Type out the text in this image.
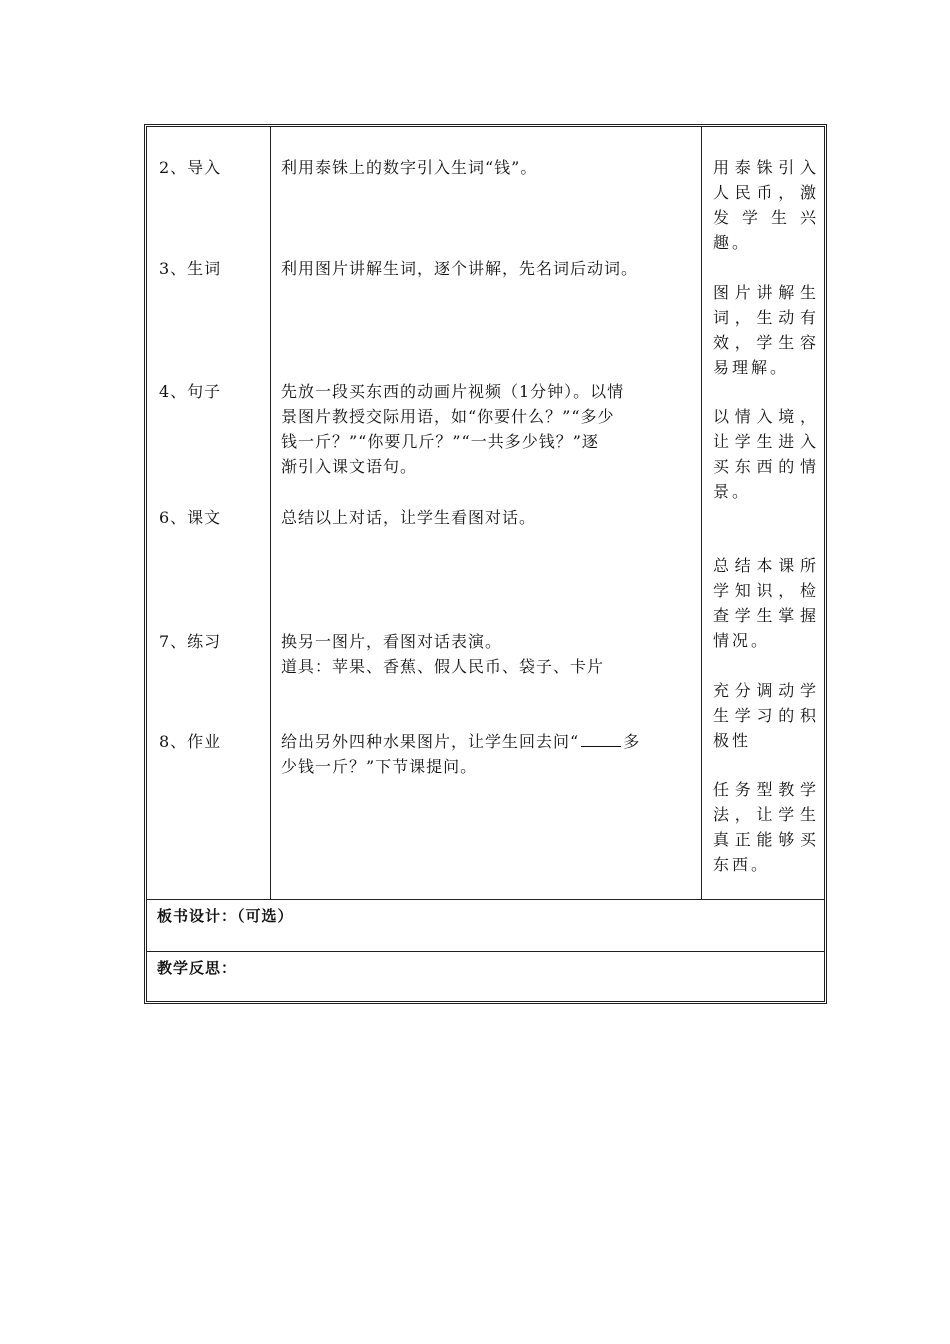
2、导入
3、生词
4、句子
6、课文
7、练习
8、作业
利用泰铢上的数字引入生词“钱”。
利用图片讲解生词，逐个讲解，先名词后动词。
先放一段买东西的动画片视频（1分钟）。以情
景图片教授交际用语，如“你要什么？”“多少
钱一斤？”“你要几斤？”“一共多少钱？”逐
渐引入课文语句。
总结以上对话，让学生看图对话。
换另一图片，看图对话表演。
道具：苹果、香蕉、假人民币、袋子、卡片
给出另外四种水果图片，让学生回去问“	多
少钱一斤？”下节课提问。
用泰铢引入人民币，激发学生兴趣。
图片讲解生词，生动有效，学生容易理解。
以情入境，让学生进入买东西的情景。
总结本课所学知识，检查学生掌握情况。
充分调动学生学习的积极性
任务型教学法，让学生真正能够买东西。
板书设计：（可选）
教学反思：
